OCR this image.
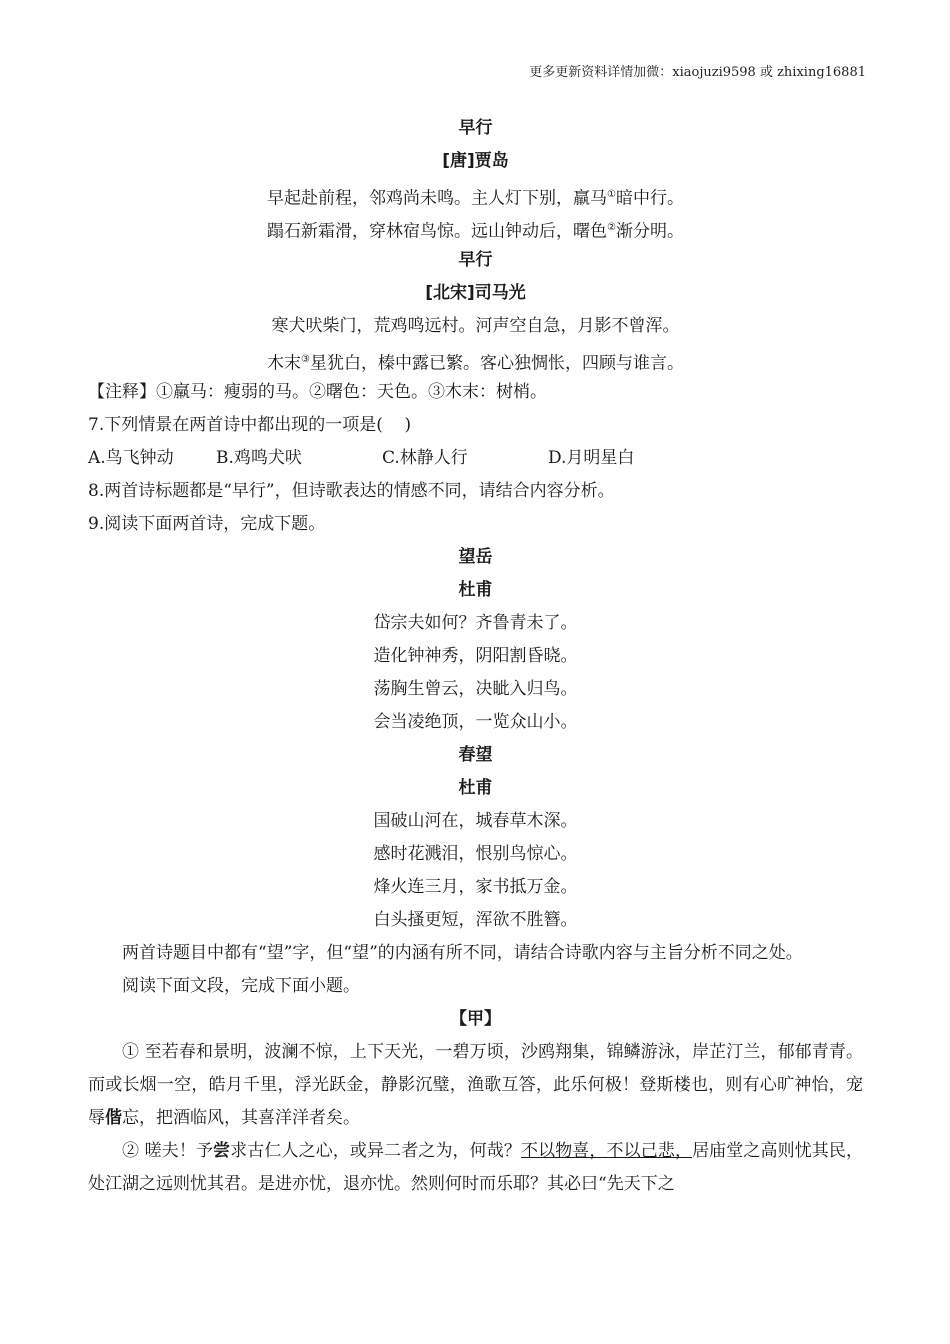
更多更新资料详情加微：xiaojuzi9598 或 zhixing16881
早行
[唐]贾岛
早起赴前程，邻鸡尚未鸣。主人灯下别，羸马①暗中行。
蹋石新霜滑，穿林宿鸟惊。远山钟动后，曙色②渐分明。
早行
[北宋]司马光
寒犬吠柴门，荒鸡鸣远村。河声空自急，月影不曾浑。
木末③星犹白，榛中露已繁。客心独惆怅，四顾与谁言。
【注释】①羸马：瘦弱的马。②曙色：天色。③木末：树梢。
7.下列情景在两首诗中都出现的一项是(    )
A.鸟飞钟动	B.鸡鸣犬吠	C.林静人行	D.月明星白
8.两首诗标题都是“早行”，但诗歌表达的情感不同，请结合内容分析。
9.阅读下面两首诗，完成下题。
望岳
杜甫
岱宗夫如何？齐鲁青未了。
造化钟神秀，阴阳割昏晓。
荡胸生曾云，决眦入归鸟。
会当凌绝顶，一览众山小。
春望
杜甫
国破山河在，城春草木深。
感时花溅泪，恨别鸟惊心。
烽火连三月，家书抵万金。
白头搔更短，浑欲不胜簪。
两首诗题目中都有“望”字，但“望”的内涵有所不同，请结合诗歌内容与主旨分析不同之处。
阅读下面文段，完成下面小题。
【甲】
① 至若春和景明，波澜不惊，上下天光，一碧万顷，沙鸥翔集，锦鳞游泳，岸芷汀兰，郁郁青青。而或长烟一空，皓月千里，浮光跃金，静影沉璧，渔歌互答，此乐何极！登斯楼也，则有心旷神怡，宠辱偕忘，把酒临风，其喜洋洋者矣。
② 嗟夫！予尝求古仁人之心，或异二者之为，何哉？不以物喜，不以己悲，居庙堂之高则忧其民，处江湖之远则忧其君。是进亦忧，退亦忧。然则何时而乐耶？其必曰“先天下之
